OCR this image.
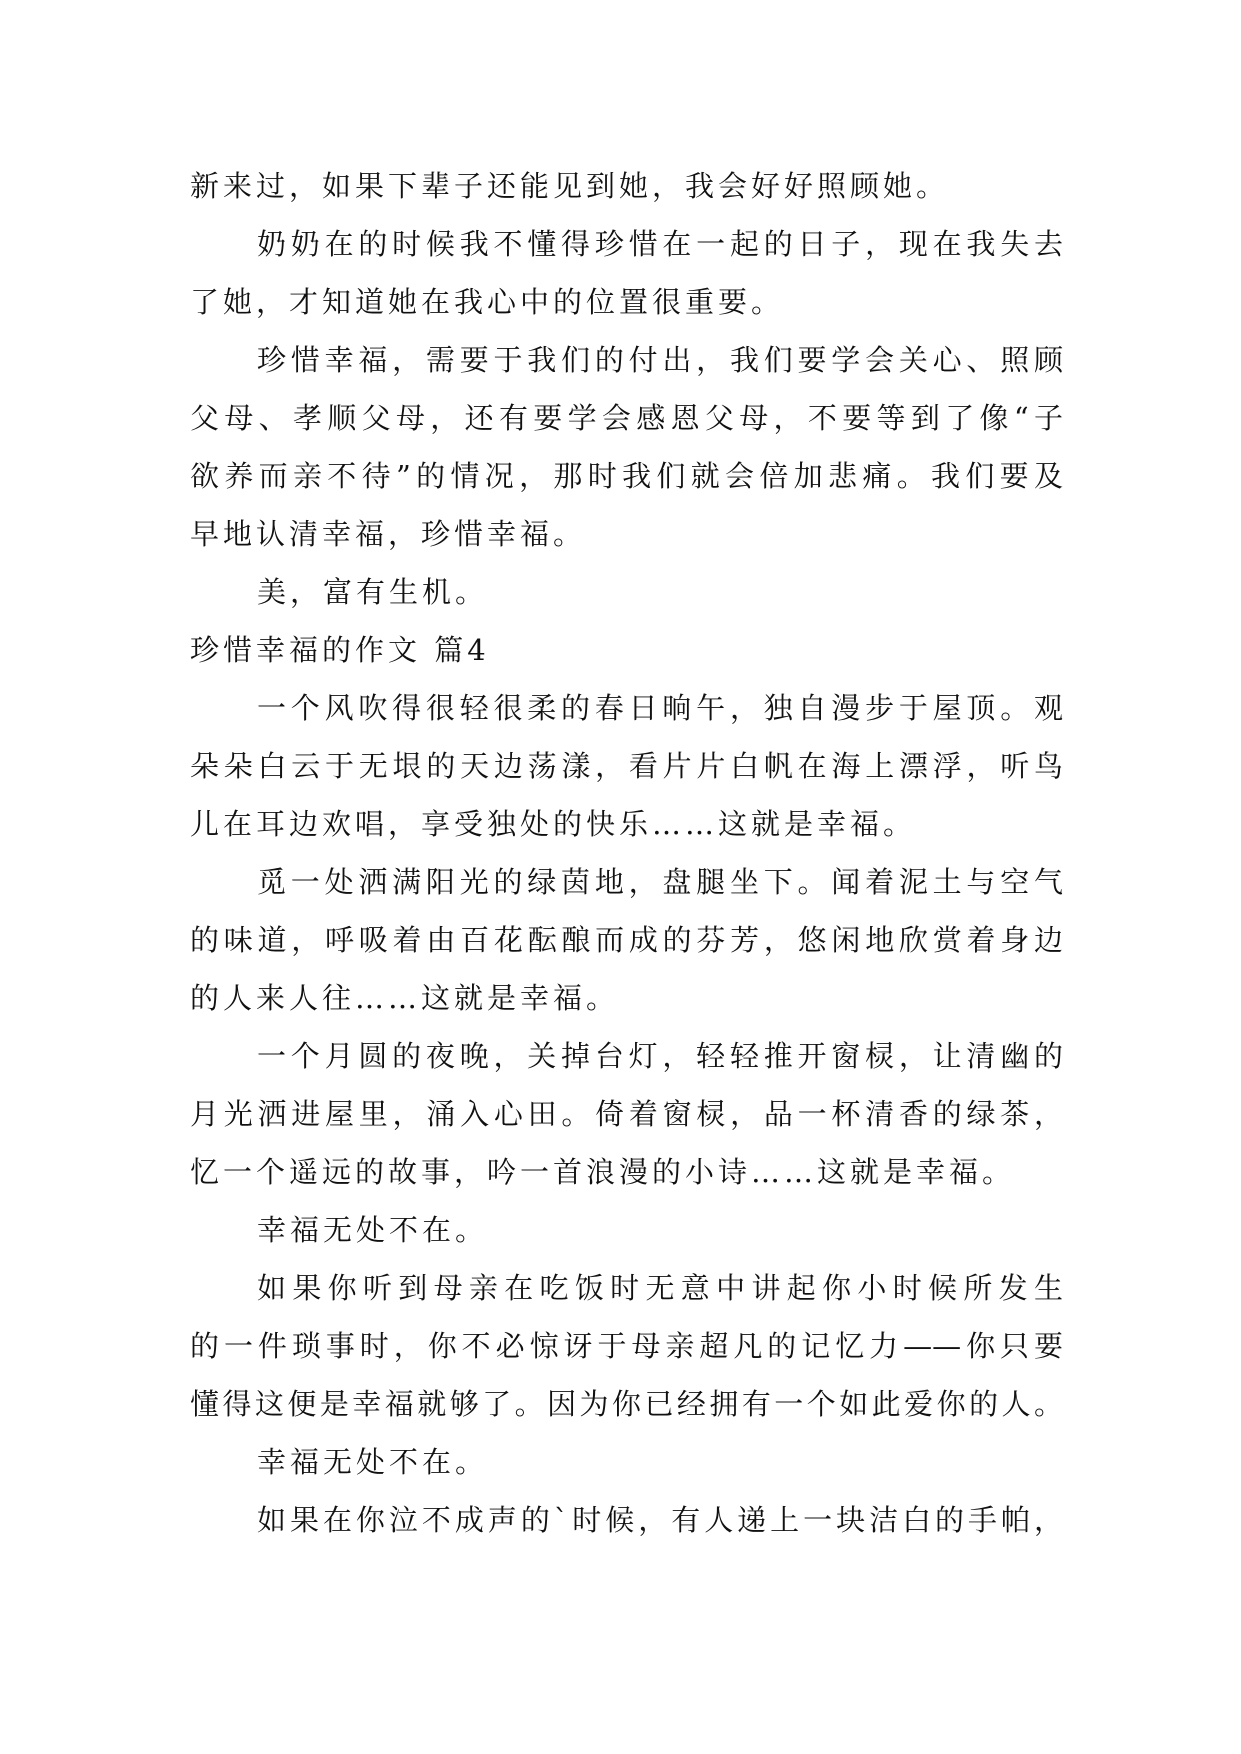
新来过，如果下辈子还能见到她，我会好好照顾她。
奶奶在的时候我不懂得珍惜在一起的日子，现在我失去
了她，才知道她在我心中的位置很重要。
珍惜幸福，需要于我们的付出，我们要学会关心、照顾
父母、孝顺父母，还有要学会感恩父母，不要等到了像“子
欲养而亲不待”的情况，那时我们就会倍加悲痛。我们要及
早地认清幸福，珍惜幸福。
美，富有生机。
珍惜幸福的作文 篇4
一个风吹得很轻很柔的春日晌午，独自漫步于屋顶。观
朵朵白云于无垠的天边荡漾，看片片白帆在海上漂浮，听鸟
儿在耳边欢唱，享受独处的快乐……这就是幸福。
觅一处洒满阳光的绿茵地，盘腿坐下。闻着泥土与空气
的味道，呼吸着由百花酝酿而成的芬芳，悠闲地欣赏着身边
的人来人往……这就是幸福。
一个月圆的夜晚，关掉台灯，轻轻推开窗棂，让清幽的
月光洒进屋里，涌入心田。倚着窗棂，品一杯清香的绿茶，
忆一个遥远的故事，吟一首浪漫的小诗……这就是幸福。
幸福无处不在。
如果你听到母亲在吃饭时无意中讲起你小时候所发生
的一件琐事时，你不必惊讶于母亲超凡的记忆力——你只要
懂得这便是幸福就够了。因为你已经拥有一个如此爱你的人。
幸福无处不在。
如果在你泣不成声的`时候，有人递上一块洁白的手帕，
